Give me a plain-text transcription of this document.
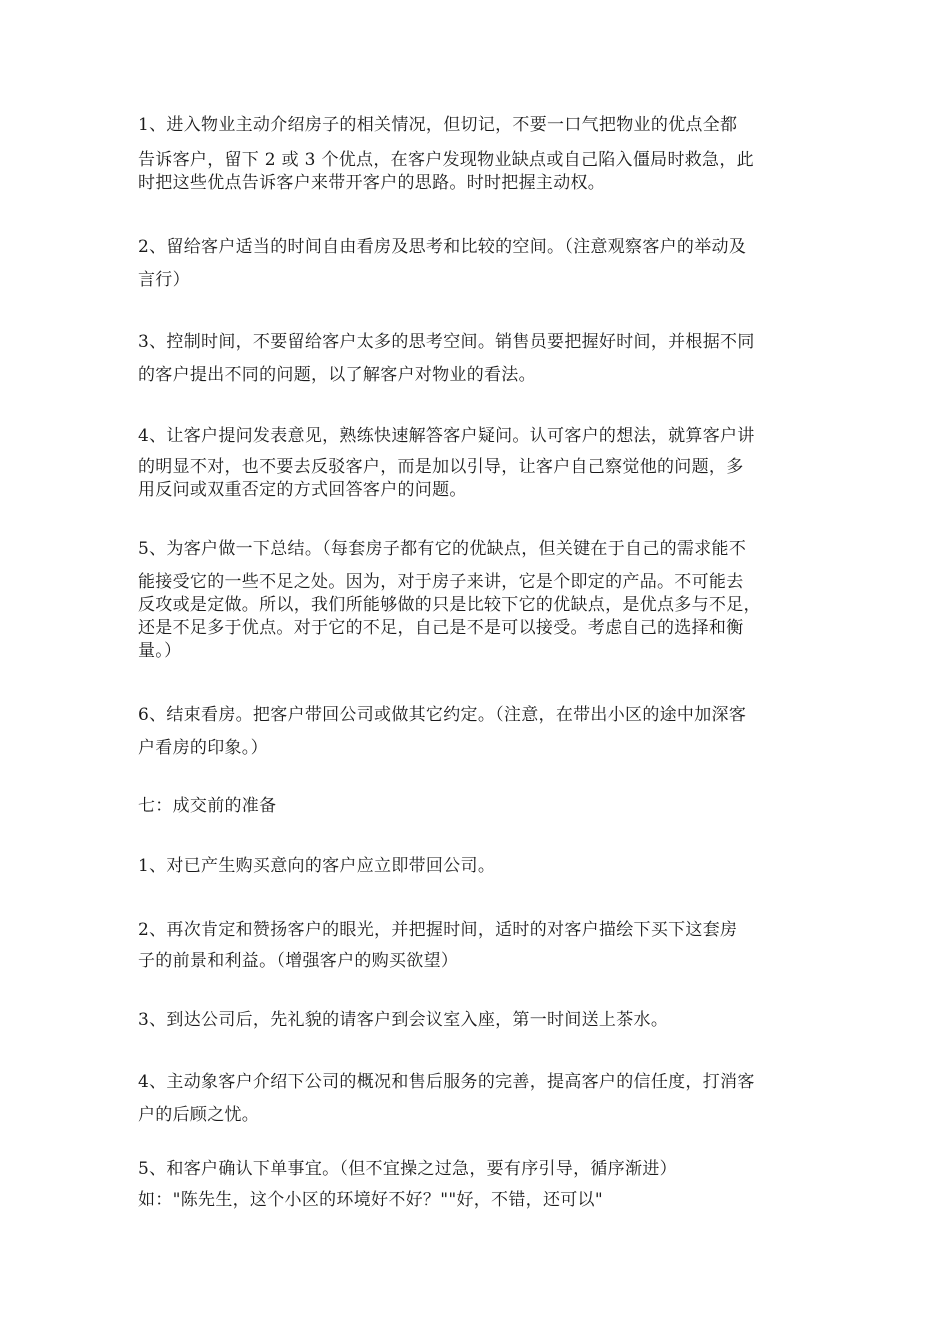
1、进入物业主动介绍房子的相关情况，但切记，不要一口气把物业的优点全都
告诉客户，留下 2 或 3 个优点，在客户发现物业缺点或自己陷入僵局时救急，此
时把这些优点告诉客户来带开客户的思路。时时把握主动权。

2、留给客户适当的时间自由看房及思考和比较的空间。（注意观察客户的举动及
言行）

3、控制时间，不要留给客户太多的思考空间。销售员要把握好时间，并根据不同
的客户提出不同的问题，以了解客户对物业的看法。

4、让客户提问发表意见，熟练快速解答客户疑问。认可客户的想法，就算客户讲
的明显不对，也不要去反驳客户，而是加以引导，让客户自己察觉他的问题，多
用反问或双重否定的方式回答客户的问题。

5、为客户做一下总结。（每套房子都有它的优缺点，但关键在于自己的需求能不
能接受它的一些不足之处。因为，对于房子来讲，它是个即定的产品。不可能去
反攻或是定做。所以，我们所能够做的只是比较下它的优缺点，是优点多与不足，
还是不足多于优点。对于它的不足，自己是不是可以接受。考虑自己的选择和衡
量。）

6、结束看房。把客户带回公司或做其它约定。（注意，在带出小区的途中加深客
户看房的印象。）

七：成交前的准备

1、对已产生购买意向的客户应立即带回公司。

2、再次肯定和赞扬客户的眼光，并把握时间，适时的对客户描绘下买下这套房
子的前景和利益。（增强客户的购买欲望）

3、到达公司后，先礼貌的请客户到会议室入座，第一时间送上茶水。

4、主动象客户介绍下公司的概况和售后服务的完善，提高客户的信任度，打消客
户的后顾之忧。

5、和客户确认下单事宜。（但不宜操之过急，要有序引导，循序渐进）
如："陈先生，这个小区的环境好不好？""好，不错，还可以"
